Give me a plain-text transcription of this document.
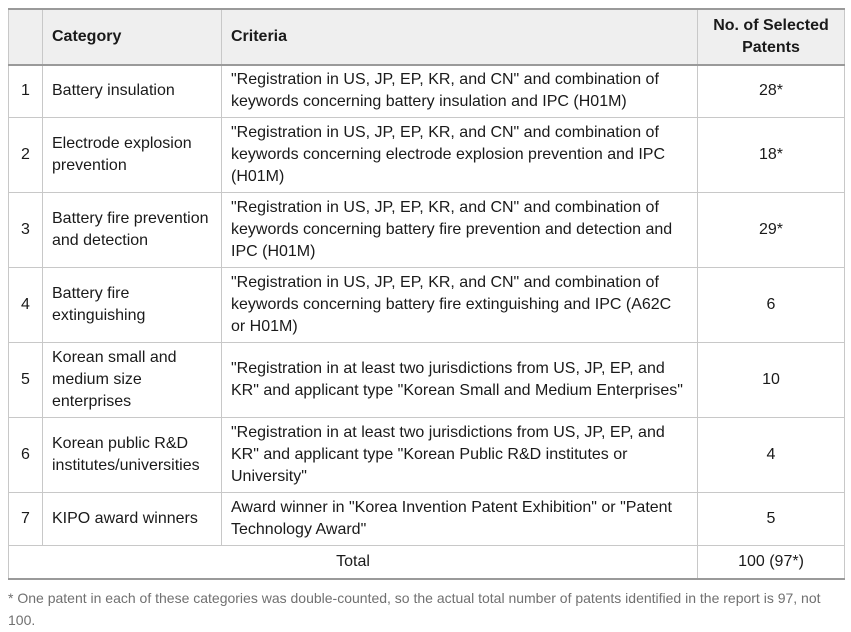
	Category	Criteria	No. of Selected Patents
1	Battery insulation	"Registration in US, JP, EP, KR, and CN" and combination of keywords concerning battery insulation and IPC (H01M)	28*
2	Electrode explosion prevention	"Registration in US, JP, EP, KR, and CN" and combination of keywords concerning electrode explosion prevention and IPC (H01M)	18*
3	Battery fire prevention and detection	"Registration in US, JP, EP, KR, and CN" and combination of keywords concerning battery fire prevention and detection and IPC (H01M)	29*
4	Battery fire extinguishing	"Registration in US, JP, EP, KR, and CN" and combination of keywords concerning battery fire extinguishing and IPC (A62C or H01M)	6
5	Korean small and medium size enterprises	"Registration in at least two jurisdictions from US, JP, EP, and KR" and applicant type "Korean Small and Medium Enterprises"	10
6	Korean public R&D institutes/universities	"Registration in at least two jurisdictions from US, JP, EP, and KR" and applicant type "Korean Public R&D institutes or University"	4
7	KIPO award winners	Award winner in "Korea Invention Patent Exhibition" or "Patent Technology Award"	5
Total			100 (97*)
* One patent in each of these categories was double-counted, so the actual total number of patents identified in the report is 97, not 100.
